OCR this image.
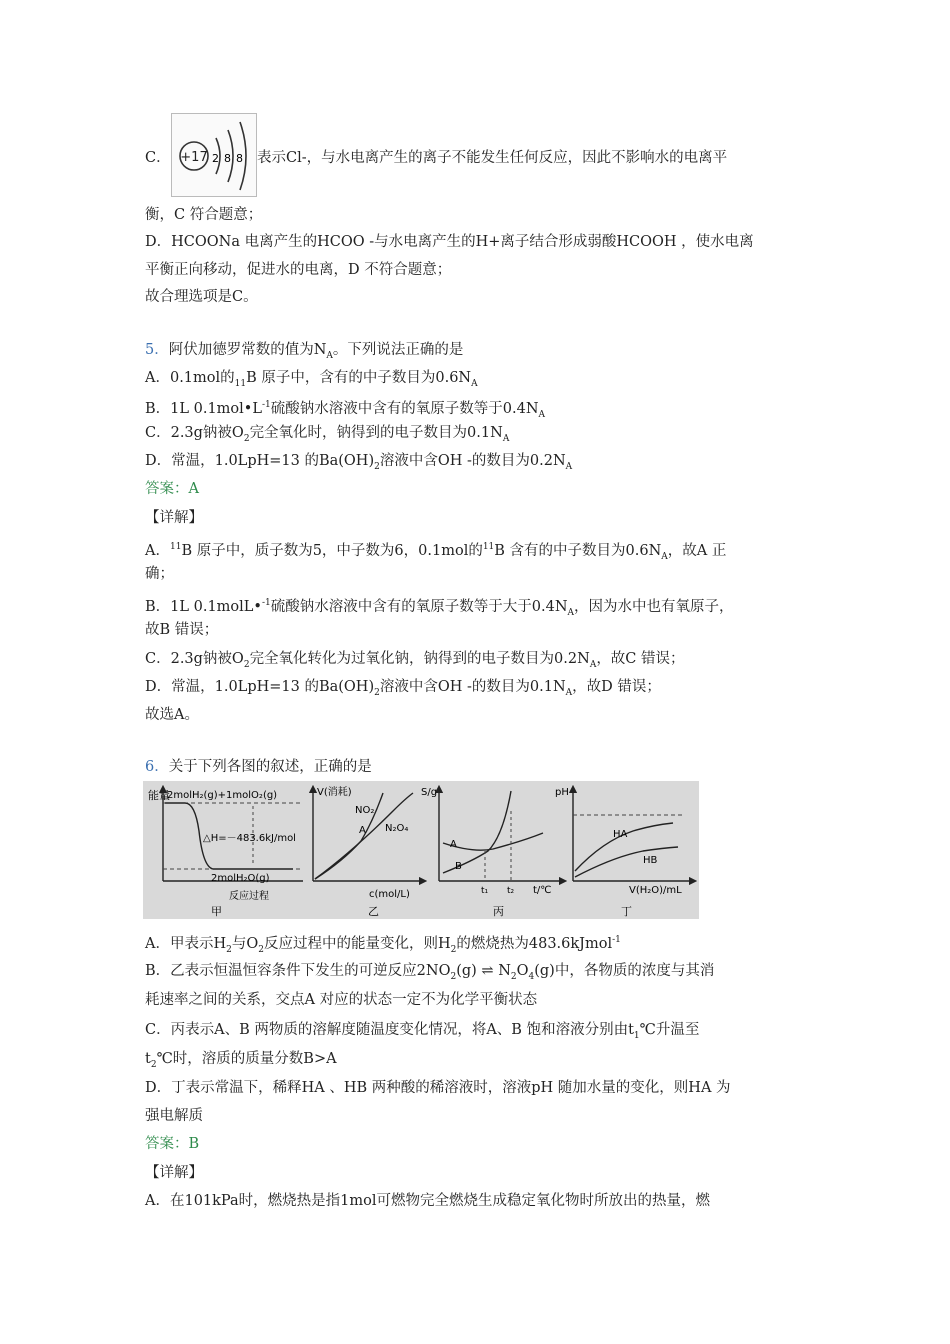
C． +17 2 8 8 表示Cl-，与水电离产生的离子不能发生任何反应，因此不影响水的电离平
衡，C 符合题意；
D．HCOONa 电离产生的HCOO -与水电离产生的H+离子结合形成弱酸HCOOH ，使水电离
平衡正向移动，促进水的电离，D 不符合题意；
故合理选项是C。
5．阿伏加德罗常数的值为$N_A$。下列说法正确的是
A．0.1mol的$_{11}$B 原子中，含有的中子数目为$0.6N_A$
B．1L $0.1mol•L^{-1}$硫酸钠水溶液中含有的氧原子数等于$0.4N_A$
C．2.3g钠被$O_2$完全氧化时，钠得到的电子数目为$0.1N_A$
D．常温，1.0LpH=13 的$Ba(OH)_2$溶液中含OH -的数目为$0.2N_A$
答案：A
【详解】
A．$^{11}$B 原子中，质子数为5，中子数为6，0.1mol的$^{11}$B 含有的中子数目为$0.6N_A$，故A 正
确；
B．1L 0.1molL•$^{-1}$硫酸钠水溶液中含有的氧原子数等于大于$0.4N_A$，因为水中也有氧原子，
故B 错误；
C．2.3g钠被$O_2$完全氧化转化为过氧化钠，钠得到的电子数目为$0.2N_A$，故C 错误；
D．常温，1.0LpH=13 的$Ba(OH)_2$溶液中含OH -的数目为$0.1N_A$，故D 错误；
故选A。
6．关于下列各图的叙述，正确的是
能量
2molH₂(g)+1molO₂(g)
△H=－483.6kJ/mol
2molH₂O(g)
反应过程
甲
V(消耗)
NO₂
N₂O₄
A
c(mol/L)
乙
S/g
A
B
t₁ t₂ t/℃
丙
pH
HA
HB
V(H₂O)/mL
丁
A．甲表示$H_2$与$O_2$反应过程中的能量变化，则$H_2$的燃烧热为483.6kJmol$^{-1}$
B．乙表示恒温恒容条件下发生的可逆反应$2NO_2(g)$ ⇌ $N_2O_4(g)$中，各物质的浓度与其消
耗速率之间的关系，交点A 对应的状态一定不为化学平衡状态
C．丙表示A、B 两物质的溶解度随温度变化情况，将A、B 饱和溶液分别由$t_1℃$升温至
$t_2℃$时，溶质的质量分数B>A
D．丁表示常温下，稀释HA 、HB 两种酸的稀溶液时，溶液pH 随加水量的变化，则HA 为
强电解质
答案：B
【详解】
A．在101kPa时，燃烧热是指1mol可燃物完全燃烧生成稳定氧化物时所放出的热量，燃
